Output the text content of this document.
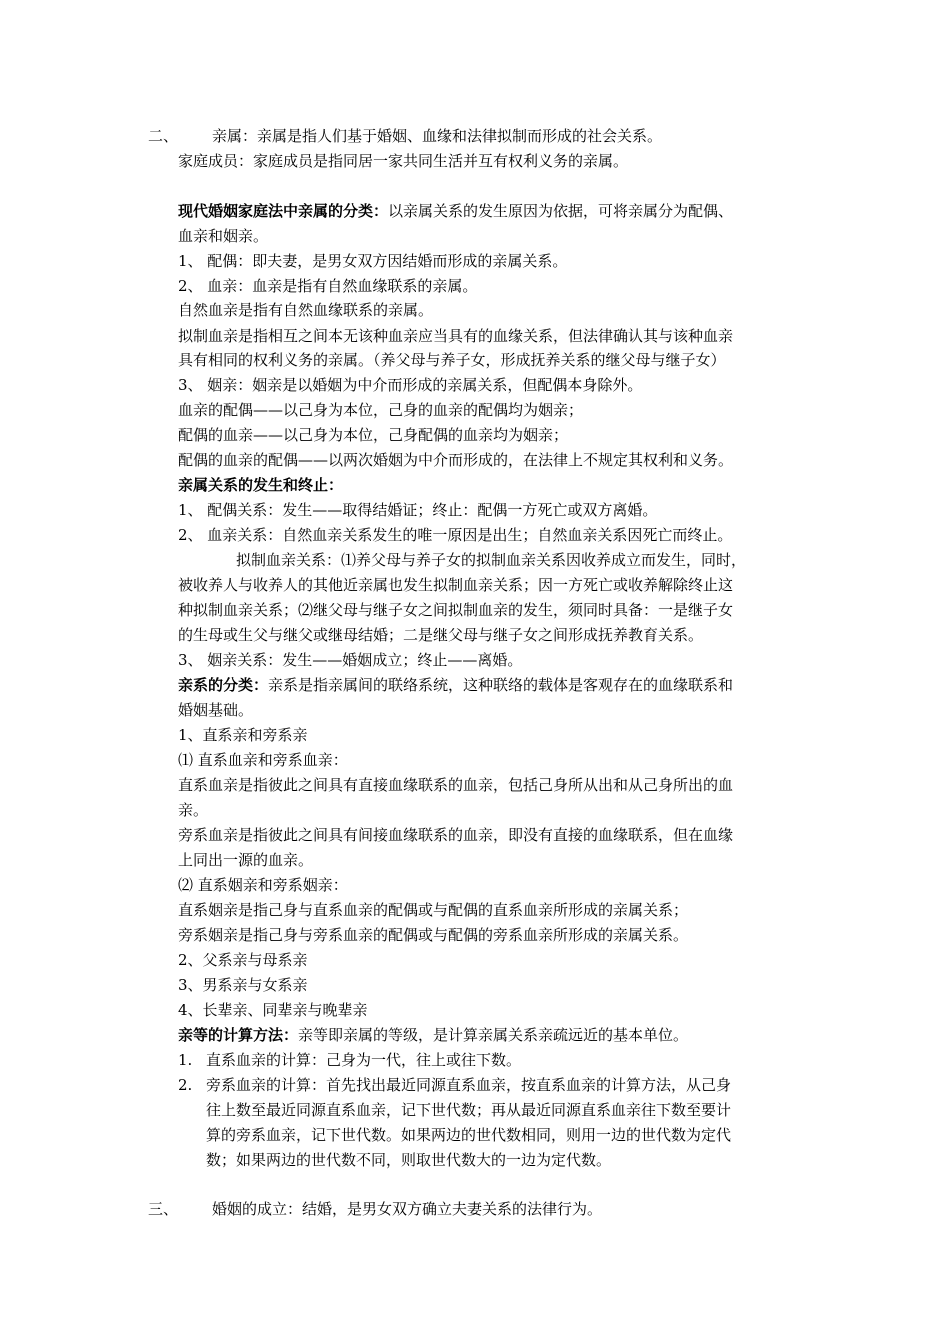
二、 亲属：亲属是指人们基于婚姻、血缘和法律拟制而形成的社会关系。
家庭成员：家庭成员是指同居一家共同生活并互有权利义务的亲属。
现代婚姻家庭法中亲属的分类：以亲属关系的发生原因为依据，可将亲属分为配偶、
血亲和姻亲。
1、 配偶：即夫妻，是男女双方因结婚而形成的亲属关系。
2、 血亲：血亲是指有自然血缘联系的亲属。
自然血亲是指有自然血缘联系的亲属。
拟制血亲是指相互之间本无该种血亲应当具有的血缘关系，但法律确认其与该种血亲
具有相同的权利义务的亲属。（养父母与养子女，形成抚养关系的继父母与继子女）
3、 姻亲：姻亲是以婚姻为中介而形成的亲属关系，但配偶本身除外。
血亲的配偶——以己身为本位，己身的血亲的配偶均为姻亲；
配偶的血亲——以己身为本位，己身配偶的血亲均为姻亲；
配偶的血亲的配偶——以两次婚姻为中介而形成的，在法律上不规定其权利和义务。
亲属关系的发生和终止：
1、 配偶关系：发生——取得结婚证；终止：配偶一方死亡或双方离婚。
2、 血亲关系：自然血亲关系发生的唯一原因是出生；自然血亲关系因死亡而终止。
拟制血亲关系：⑴养父母与养子女的拟制血亲关系因收养成立而发生，同时，
被收养人与收养人的其他近亲属也发生拟制血亲关系；因一方死亡或收养解除终止这
种拟制血亲关系；⑵继父母与继子女之间拟制血亲的发生，须同时具备：一是继子女
的生母或生父与继父或继母结婚；二是继父母与继子女之间形成抚养教育关系。
3、 姻亲关系：发生——婚姻成立；终止——离婚。
亲系的分类：亲系是指亲属间的联络系统，这种联络的载体是客观存在的血缘联系和
婚姻基础。
1、直系亲和旁系亲
⑴ 直系血亲和旁系血亲：
直系血亲是指彼此之间具有直接血缘联系的血亲，包括己身所从出和从己身所出的血
亲。
旁系血亲是指彼此之间具有间接血缘联系的血亲，即没有直接的血缘联系，但在血缘
上同出一源的血亲。
⑵ 直系姻亲和旁系姻亲：
直系姻亲是指己身与直系血亲的配偶或与配偶的直系血亲所形成的亲属关系；
旁系姻亲是指己身与旁系血亲的配偶或与配偶的旁系血亲所形成的亲属关系。
2、父系亲与母系亲
3、男系亲与女系亲
4、长辈亲、同辈亲与晚辈亲
亲等的计算方法：亲等即亲属的等级，是计算亲属关系亲疏远近的基本单位。
1. 直系血亲的计算：己身为一代，往上或往下数。
2. 旁系血亲的计算：首先找出最近同源直系血亲，按直系血亲的计算方法，从己身
往上数至最近同源直系血亲，记下世代数；再从最近同源直系血亲往下数至要计
算的旁系血亲，记下世代数。如果两边的世代数相同，则用一边的世代数为定代
数；如果两边的世代数不同，则取世代数大的一边为定代数。
三、 婚姻的成立：结婚，是男女双方确立夫妻关系的法律行为。
